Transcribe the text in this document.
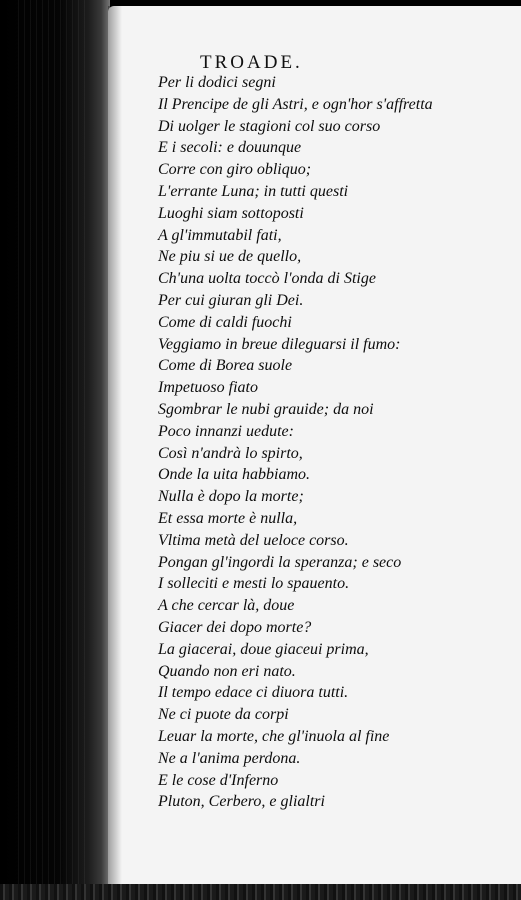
TROADE.
Per li dodici segni
Il Prencipe de gli Astri, e ogn'hor s'affretta
Di uolger le stagioni col suo corso
E i secoli: e douunque
Corre con giro obliquo;
L'errante Luna; in tutti questi
Luoghi siam sottoposti
A gl'immutabil fati,
Ne piu si ue de quello,
Ch'una uolta toccò l'onda di Stige
Per cui giuran gli Dei.
Come di caldi fuochi
Veggiamo in breue dileguarsi il fumo:
Come di Borea suole
Impetuoso fiato
Sgombrar le nubi grauide; da noi
Poco innanzi uedute:
Così n'andrà lo spirto,
Onde la uita habbiamo.
Nulla è dopo la morte;
Et essa morte è nulla,
Vltima metà del ueloce corso.
Pongan gl'ingordi la speranza; e seco
I solleciti e mesti lo spauento.
A che cercar là, doue
Giacer dei dopo morte?
La giacerai, doue giaceui prima,
Quando non eri nato.
Il tempo edace ci diuora tutti.
Ne ci puote da corpi
Leuar la morte, che gl'inuola al fine
Ne a l'anima perdona.
E le cose d'Inferno
Pluton, Cerbero, e glialtri
